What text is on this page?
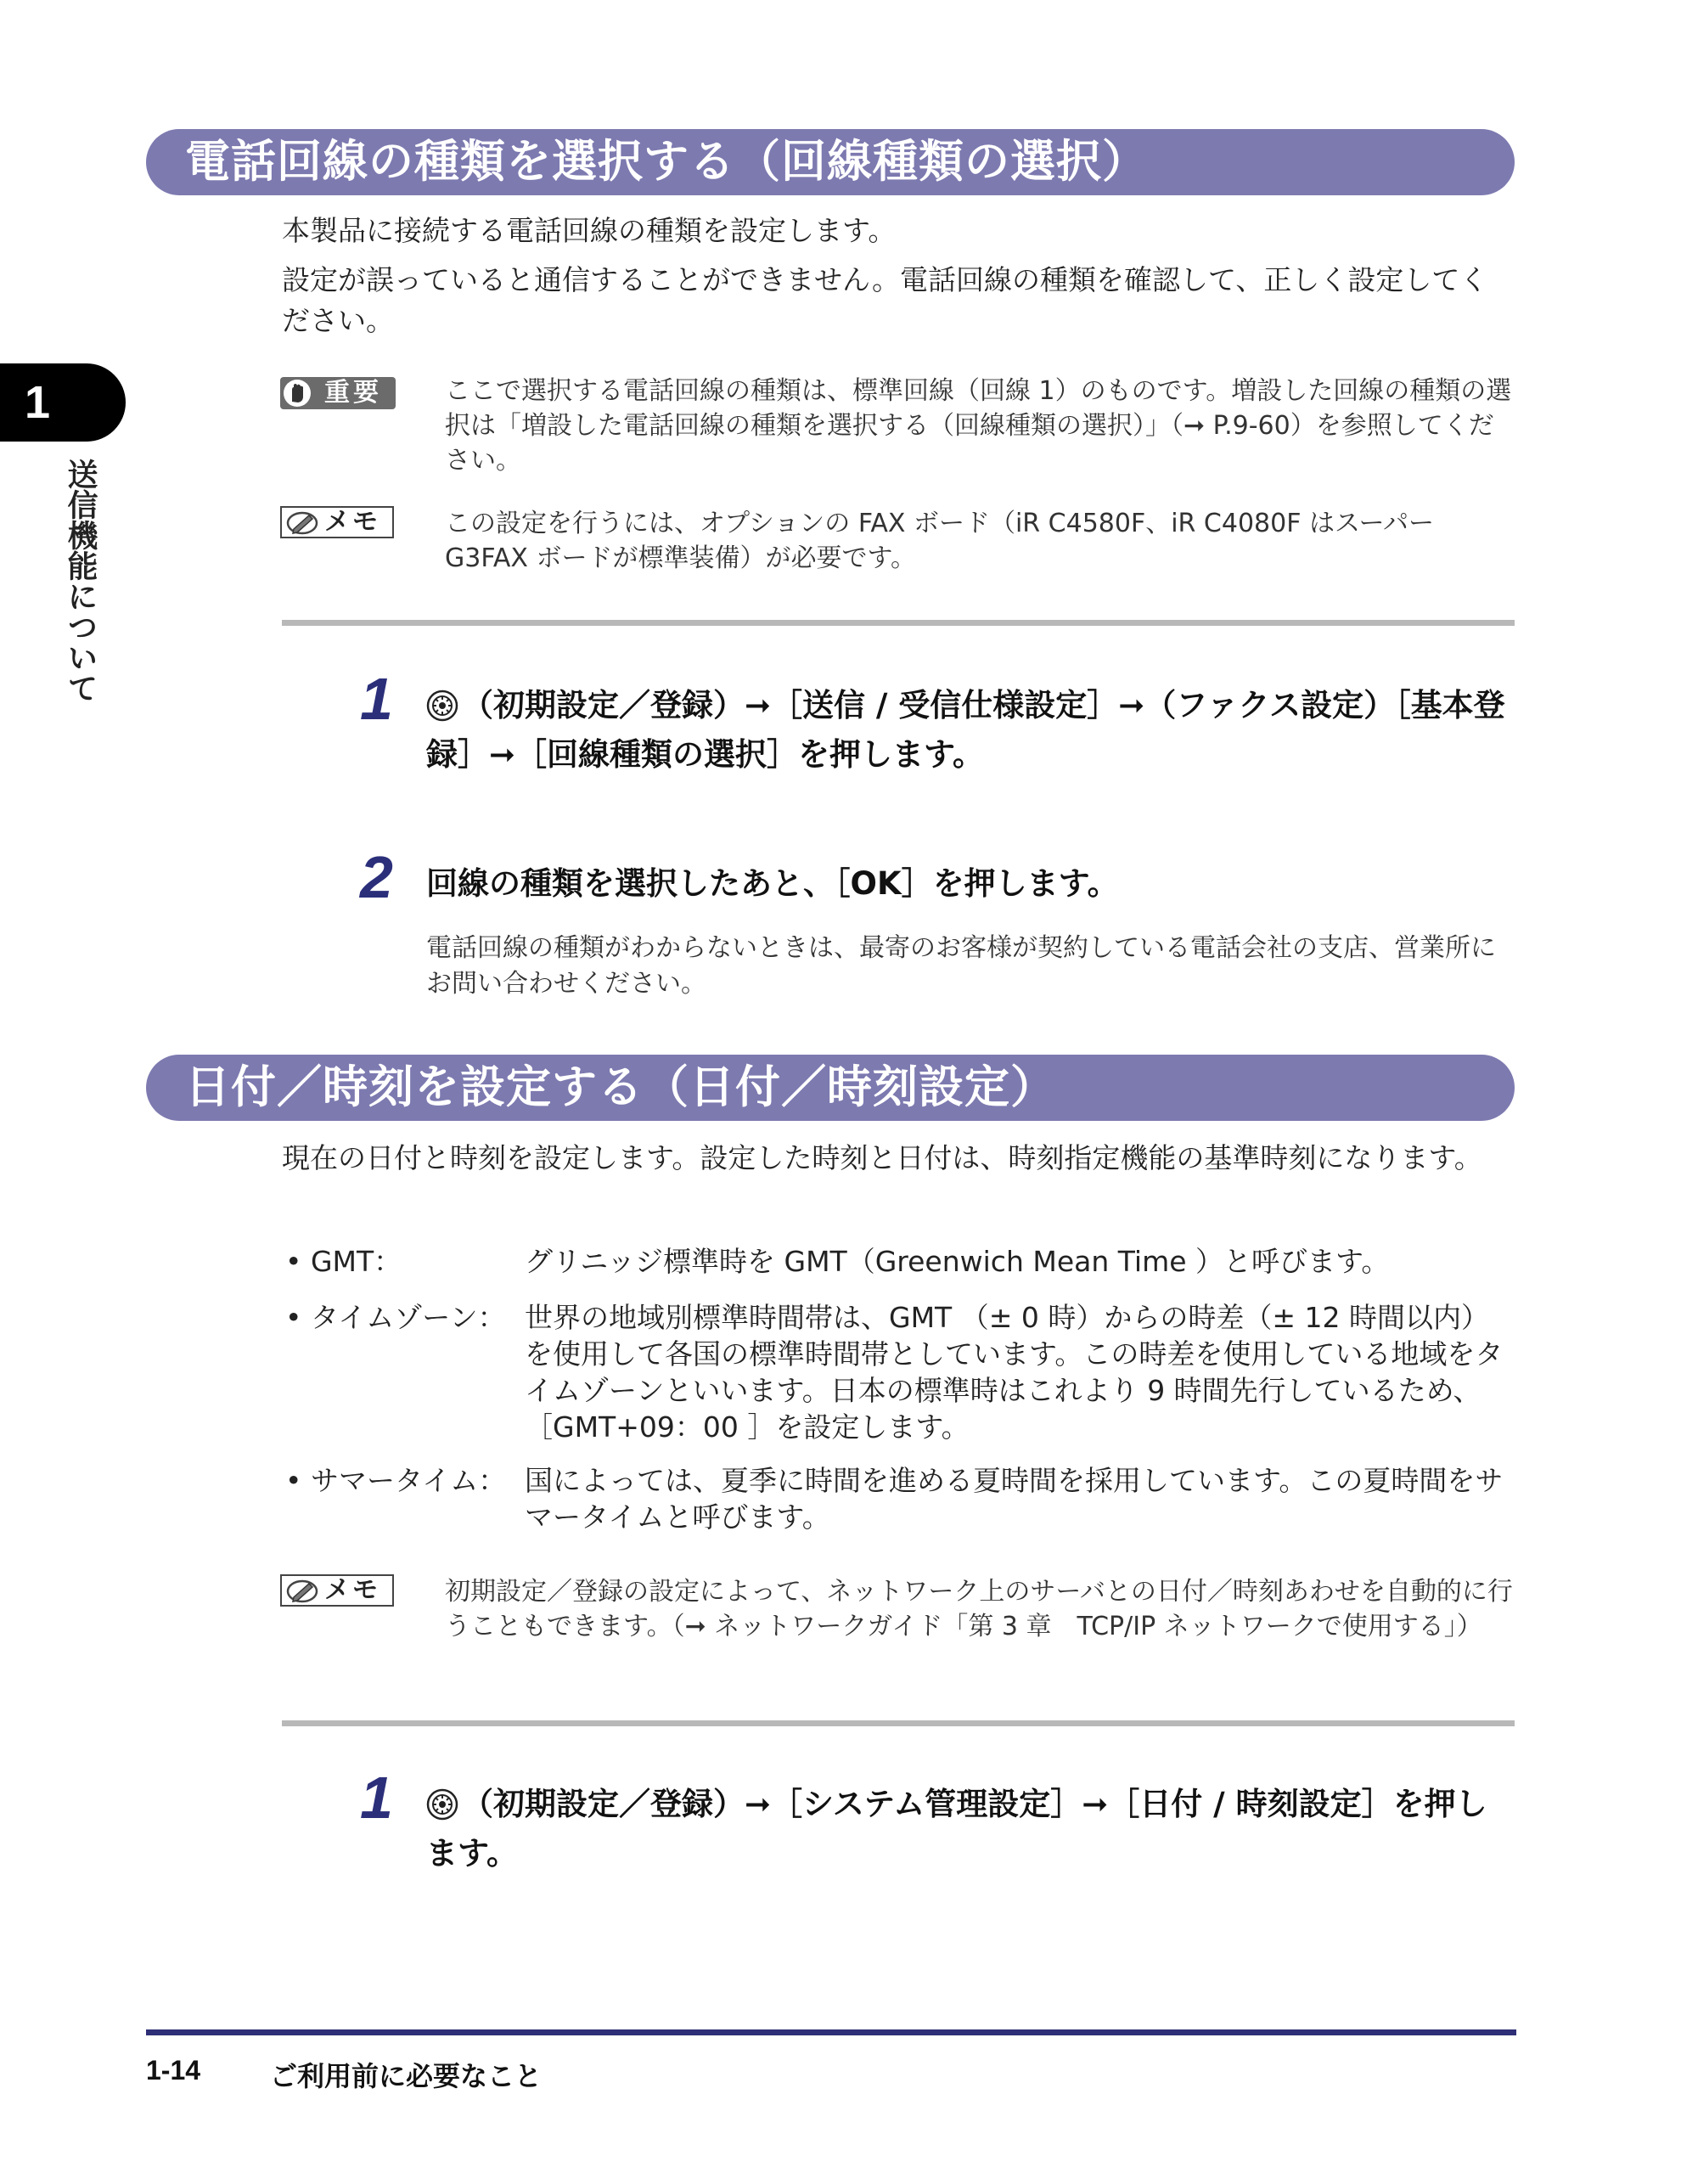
1
送信機能について
電話回線の種類を選択する（回線種類の選択）
本製品に接続する電話回線の種類を設定します。
設定が誤っていると通信することができません。電話回線の種類を確認して、正しく設定してください。
重要 ここで選択する電話回線の種類は、標準回線（回線 1）のものです。増設した回線の種類の選択は「増設した電話回線の種類を選択する（回線種類の選択）」（➞ P.9-60）を参照してください。
メモ	この設定を行うには、オプションの FAX ボード（iR C4580F、iR C4080F はスーパー G3FAX ボードが標準装備）が必要です。
1	（初期設定／登録）➞［送信 / 受信仕様設定］➞（ファクス設定）［基本登録］➞［回線種類の選択］を押します。
2 回線の種類を選択したあと、［OK］を押します。
電話回線の種類がわからないときは、最寄のお客様が契約している電話会社の支店、営業所にお問い合わせください。
日付／時刻を設定する（日付／時刻設定）
現在の日付と時刻を設定します。設定した時刻と日付は、時刻指定機能の基準時刻になります。
• GMT：	グリニッジ標準時を GMT（Greenwich Mean Time ）と呼びます。
• タイムゾーン： 世界の地域別標準時間帯は、GMT （± 0 時）からの時差（± 12 時間以内）を使用して各国の標準時間帯としています。この時差を使用している地域をタイムゾーンといいます。日本の標準時はこれより 9 時間先行しているため、［GMT+09：00 ］を設定します。
• サマータイム： 国によっては、夏季に時間を進める夏時間を採用しています。この夏時間をサマータイムと呼びます。
メモ	初期設定／登録の設定によって、ネットワーク上のサーバとの日付／時刻あわせを自動的に行うこともできます。（➞ ネットワークガイド「第 3 章　TCP/IP ネットワークで使用する」）
1	（初期設定／登録）➞［システム管理設定］➞［日付 / 時刻設定］を押します。
1-14	ご利用前に必要なこと
